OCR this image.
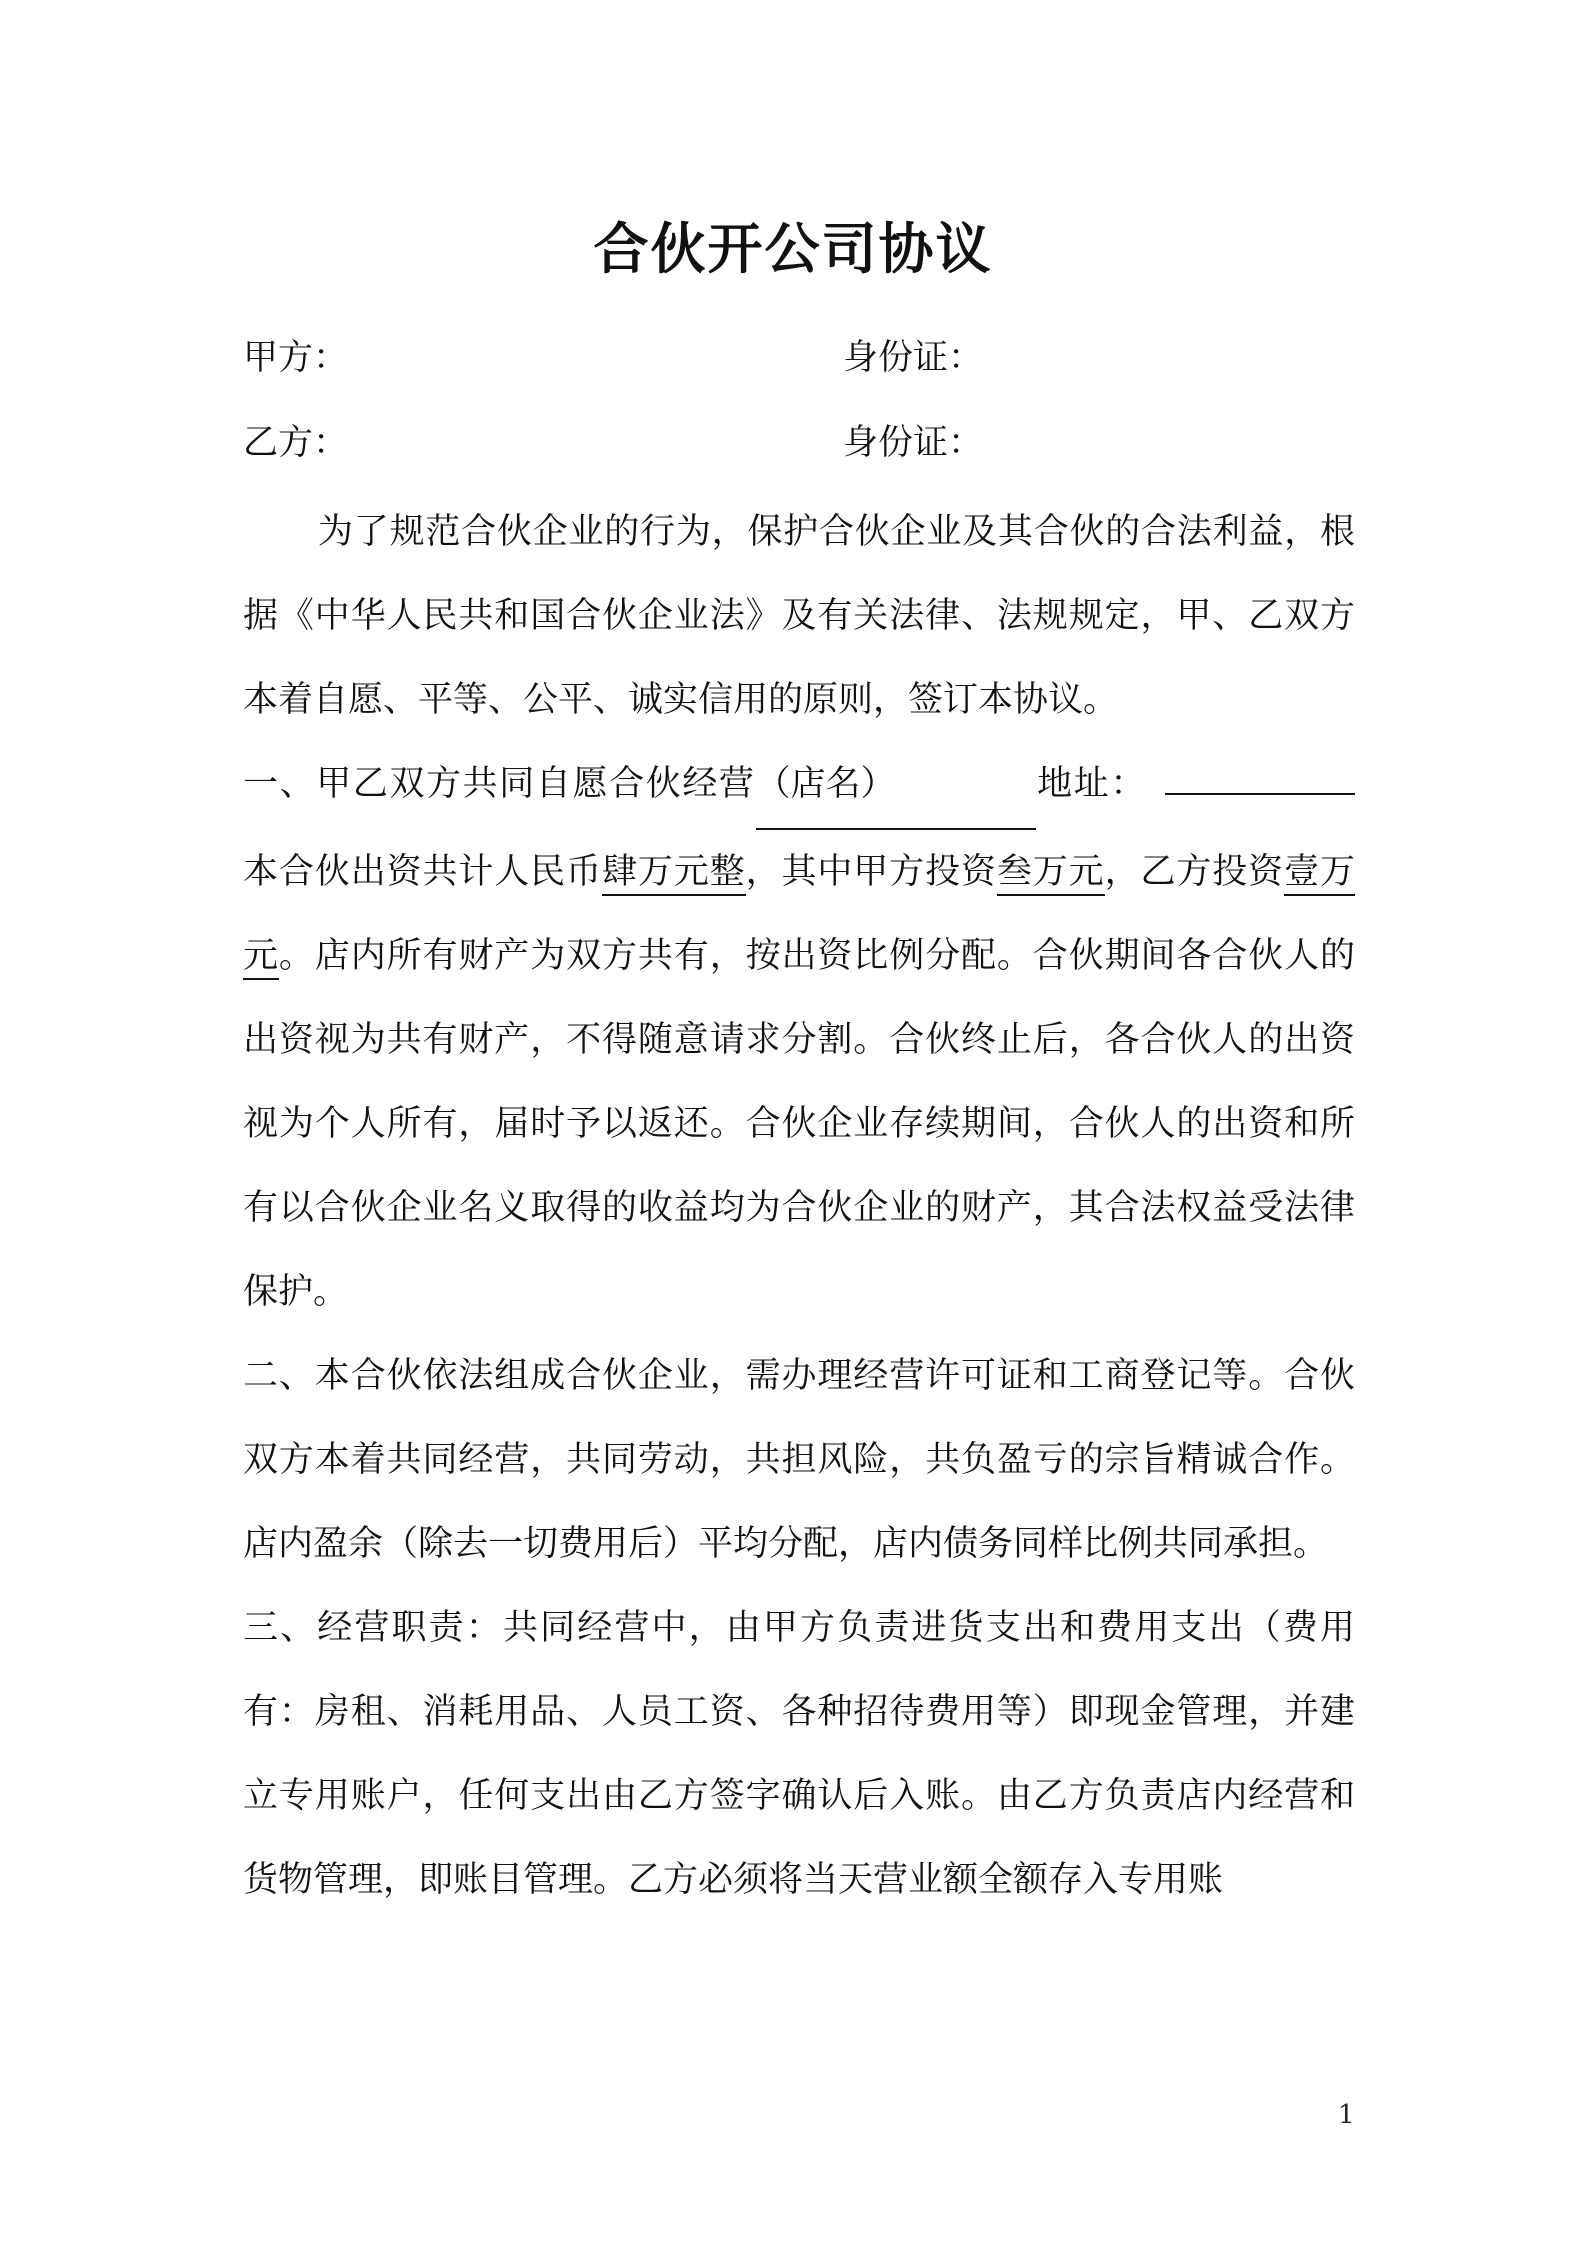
合伙开公司协议
甲方：	身份证：
乙方：	身份证：

为了规范合伙企业的行为，保护合伙企业及其合伙的合法利益，根据《中华人民共和国合伙企业法》及有关法律、法规规定，甲、乙双方本着自愿、平等、公平、诚实信用的原则，签订本协议。

一、甲乙双方共同自愿合伙经营（店名）	地址：本合伙出资共计人民币肆万元整，其中甲方投资叁万元，乙方投资壹万元。店内所有财产为双方共有，按出资比例分配。合伙期间各合伙人的出资视为共有财产，不得随意请求分割。合伙终止后，各合伙人的出资视为个人所有，届时予以返还。合伙企业存续期间，合伙人的出资和所有以合伙企业名义取得的收益均为合伙企业的财产，其合法权益受法律保护。

二、本合伙依法组成合伙企业，需办理经营许可证和工商登记等。合伙双方本着共同经营，共同劳动，共担风险，共负盈亏的宗旨精诚合作。店内盈余（除去一切费用后）平均分配，店内债务同样比例共同承担。

三、经营职责：共同经营中，由甲方负责进货支出和费用支出（费用有：房租、消耗用品、人员工资、各种招待费用等）即现金管理，并建立专用账户，任何支出由乙方签字确认后入账。由乙方负责店内经营和货物管理，即账目管理。乙方必须将当天营业额全额存入专用账

1
